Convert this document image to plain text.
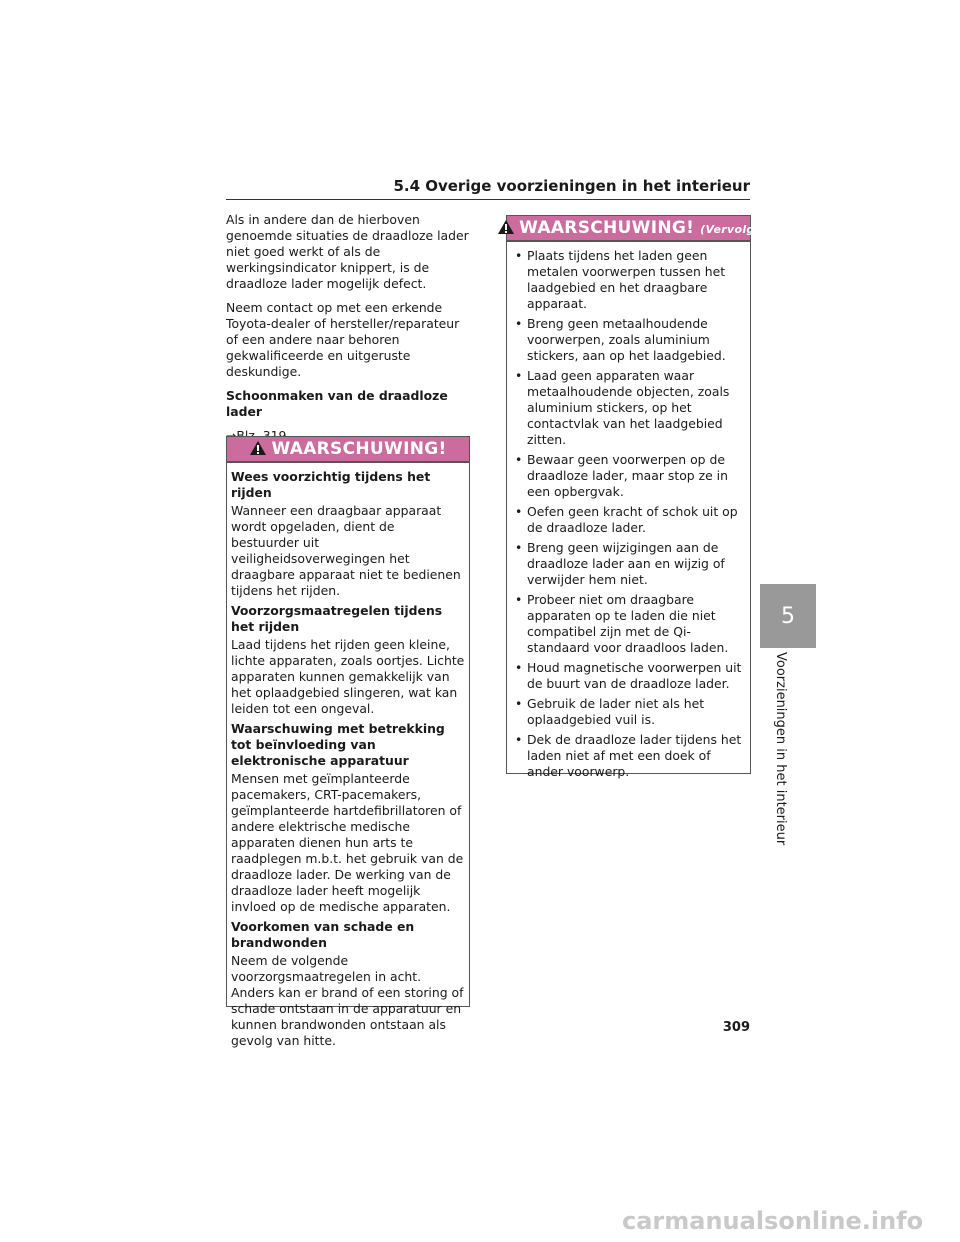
5.4 Overige voorzieningen in het interieur

Als in andere dan de hierboven genoemde situaties de draadloze lader niet goed werkt of als de werkingsindicator knippert, is de draadloze lader mogelijk defect.

Neem contact op met een erkende Toyota-dealer of hersteller/reparateur of een andere naar behoren gekwalificeerde en uitgeruste deskundige.

Schoonmaken van de draadloze lader

WAARSCHUWING!

Wees voorzichtig tijdens het rijden

Wanneer een draagbaar apparaat wordt opgeladen, dient de bestuurder uit veiligheidsoverwegingen het draagbare apparaat niet te bedienen tijdens het rijden.

Voorzorgsmaatregelen tijdens het rijden

Laad tijdens het rijden geen kleine, lichte apparaten, zoals oortjes. Lichte apparaten kunnen gemakkelijk van het oplaadgebied slingeren, wat kan leiden tot een ongeval.

Waarschuwing met betrekking tot beïnvloeding van elektronische apparatuur

Mensen met geïmplanteerde pacemakers, CRT-pacemakers, geïmplanteerde hartdefibrillatoren of andere elektrische medische apparaten dienen hun arts te raadplegen m.b.t. het gebruik van de draadloze lader. De werking van de draadloze lader heeft mogelijk invloed op de medische apparaten.

Voorkomen van schade en brandwonden

Neem de volgende voorzorgsmaatregelen in acht. Anders kan er brand of een storing of schade ontstaan in de apparatuur en kunnen brandwonden ontstaan als gevolg van hitte.

WAARSCHUWING! (Vervolg)
• Plaats tijdens het laden geen metalen voorwerpen tussen het laadgebied en het draagbare apparaat.
• Breng geen metaalhoudende voorwerpen, zoals aluminium stickers, aan op het laadgebied.
• Laad geen apparaten waar metaalhoudende objecten, zoals aluminium stickers, op het contactvlak van het laadgebied zitten.
• Bewaar geen voorwerpen op de draadloze lader, maar stop ze in een opbergvak.
• Oefen geen kracht of schok uit op de draadloze lader.
• Breng geen wijzigingen aan de draadloze lader aan en wijzig of verwijder hem niet.
• Probeer niet om draagbare apparaten op te laden die niet compatibel zijn met de Qi-standaard voor draadloos laden.
• Houd magnetische voorwerpen uit de buurt van de draadloze lader.
• Gebruik de lader niet als het oplaadgebied vuil is.
• Dek de draadloze lader tijdens het laden niet af met een doek of ander voorwerp.
5
Voorzieningen in het interieur
309
carmanualsonline.info
